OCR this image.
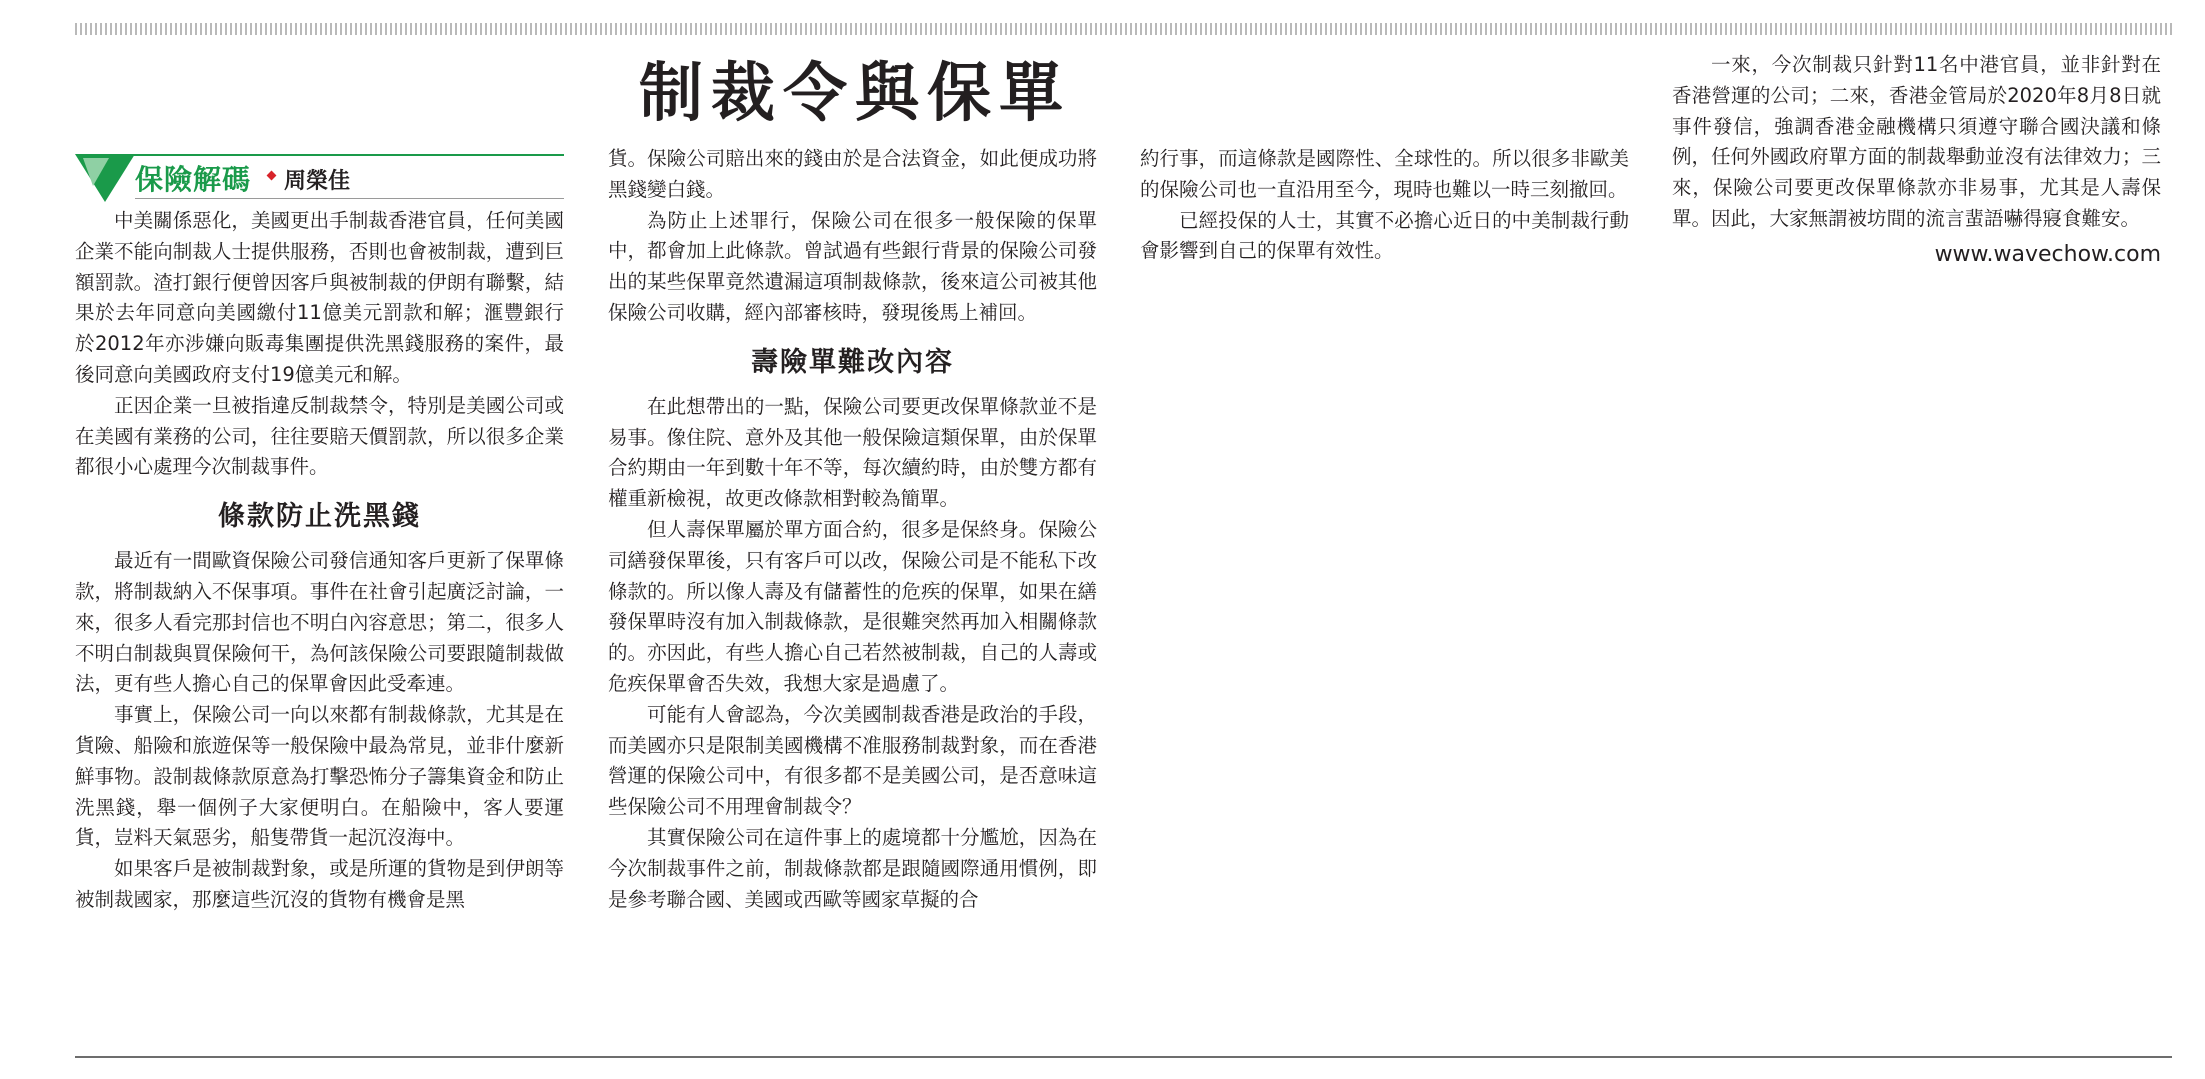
制裁令與保單
保險解碼 周榮佳

中美關係惡化，美國更出手制裁香港官員，任何美國企業不能向制裁人士提供服務，否則也會被制裁，遭到巨額罰款。渣打銀行便曾因客戶與被制裁的伊朗有聯繫，結果於去年同意向美國繳付11億美元罰款和解；滙豐銀行於2012年亦涉嫌向販毒集團提供洗黑錢服務的案件，最後同意向美國政府支付19億美元和解。

正因企業一旦被指違反制裁禁令，特別是美國公司或在美國有業務的公司，往往要賠天價罰款，所以很多企業都很小心處理今次制裁事件。

條款防止洗黑錢

最近有一間歐資保險公司發信通知客戶更新了保單條款，將制裁納入不保事項。事件在社會引起廣泛討論，一來，很多人看完那封信也不明白內容意思；第二，很多人不明白制裁與買保險何干，為何該保險公司要跟隨制裁做法，更有些人擔心自己的保單會因此受牽連。

事實上，保險公司一向以來都有制裁條款，尤其是在貨險、船險和旅遊保等一般保險中最為常見，並非什麼新鮮事物。設制裁條款原意為打擊恐怖分子籌集資金和防止洗黑錢，舉一個例子大家便明白。在船險中，客人要運貨，豈料天氣惡劣，船隻帶貨一起沉沒海中。

如果客戶是被制裁對象，或是所運的貨物是到伊朗等被制裁國家，那麼這些沉沒的貨物有機會是黑

貨。保險公司賠出來的錢由於是合法資金，如此便成功將黑錢變白錢。

為防止上述罪行，保險公司在很多一般保險的保單中，都會加上此條款。曾試過有些銀行背景的保險公司發出的某些保單竟然遺漏這項制裁條款，後來這公司被其他保險公司收購，經內部審核時，發現後馬上補回。

壽險單難改內容

在此想帶出的一點，保險公司要更改保單條款並不是易事。像住院、意外及其他一般保險這類保單，由於保單合約期由一年到數十年不等，每次續約時，由於雙方都有權重新檢視，故更改條款相對較為簡單。

但人壽保單屬於單方面合約，很多是保終身。保險公司繕發保單後，只有客戶可以改，保險公司是不能私下改條款的。所以像人壽及有儲蓄性的危疾的保單，如果在繕發保單時沒有加入制裁條款，是很難突然再加入相關條款的。亦因此，有些人擔心自己若然被制裁，自己的人壽或危疾保單會否失效，我想大家是過慮了。

可能有人會認為，今次美國制裁香港是政治的手段，而美國亦只是限制美國機構不准服務制裁對象，而在香港營運的保險公司中，有很多都不是美國公司，是否意味這些保險公司不用理會制裁令？

其實保險公司在這件事上的處境都十分尷尬，因為在今次制裁事件之前，制裁條款都是跟隨國際通用慣例，即是參考聯合國、美國或西歐等國家草擬的合

約行事，而這條款是國際性、全球性的。所以很多非歐美的保險公司也一直沿用至今，現時也難以一時三刻撤回。

已經投保的人士，其實不必擔心近日的中美制裁行動會影響到自己的保單有效性。

一來，今次制裁只針對11名中港官員，並非針對在香港營運的公司；二來，香港金管局於2020年8月8日就事件發信，強調香港金融機構只須遵守聯合國決議和條例，任何外國政府單方面的制裁舉動並沒有法律效力；三來，保險公司要更改保單條款亦非易事，尤其是人壽保單。因此，大家無謂被坊間的流言蜚語嚇得寢食難安。

www.wavechow.com
